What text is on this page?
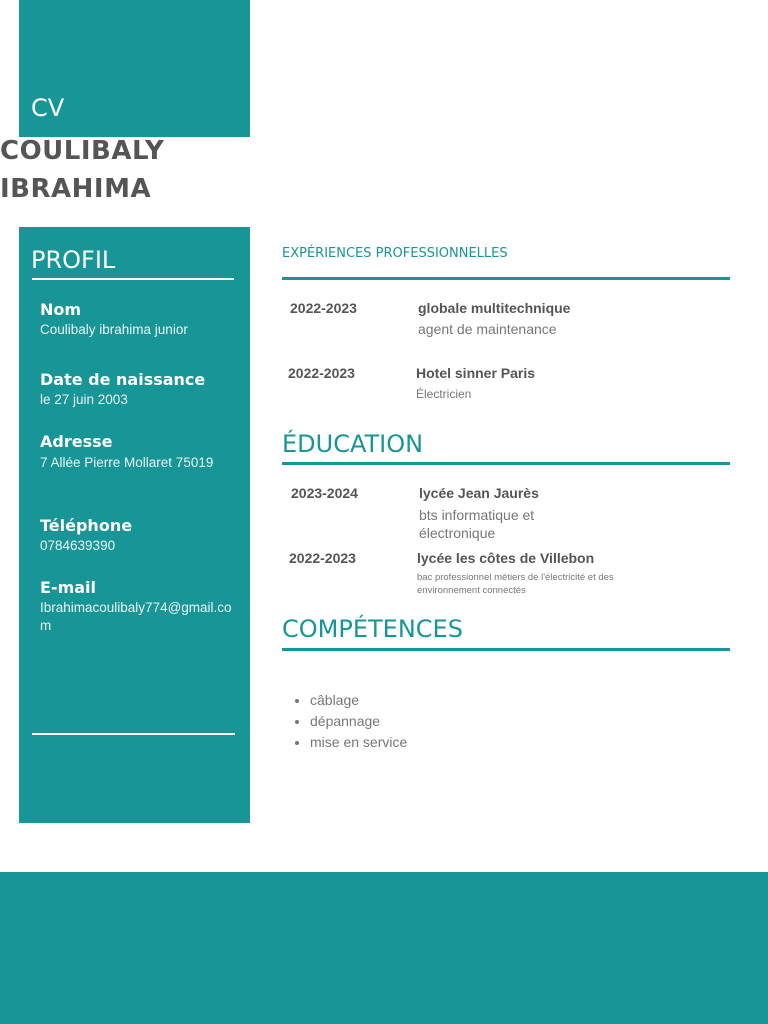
CV
COULIBALY
IBRAHIMA
PROFIL
Nom
Coulibaly ibrahima junior
Date de naissance
le 27 juin 2003
Adresse
7 Allée Pierre Mollaret 75019
Téléphone
0784639390
E-mail
Ibrahimacoulibaly774@gmail.com
EXPÉRIENCES PROFESSIONNELLES
2022-2023	globale multitechnique
agent de maintenance
2022-2023	Hotel sinner Paris
Électricien
ÉDUCATION
2023-2024	lycée Jean Jaurès
bts informatique et électronique
2022-2023	lycée les côtes de Villebon
bac professionnel métiers de l'électricité et des environnement connectés
COMPÉTENCES
• câblage
• dépannage
• mise en service
